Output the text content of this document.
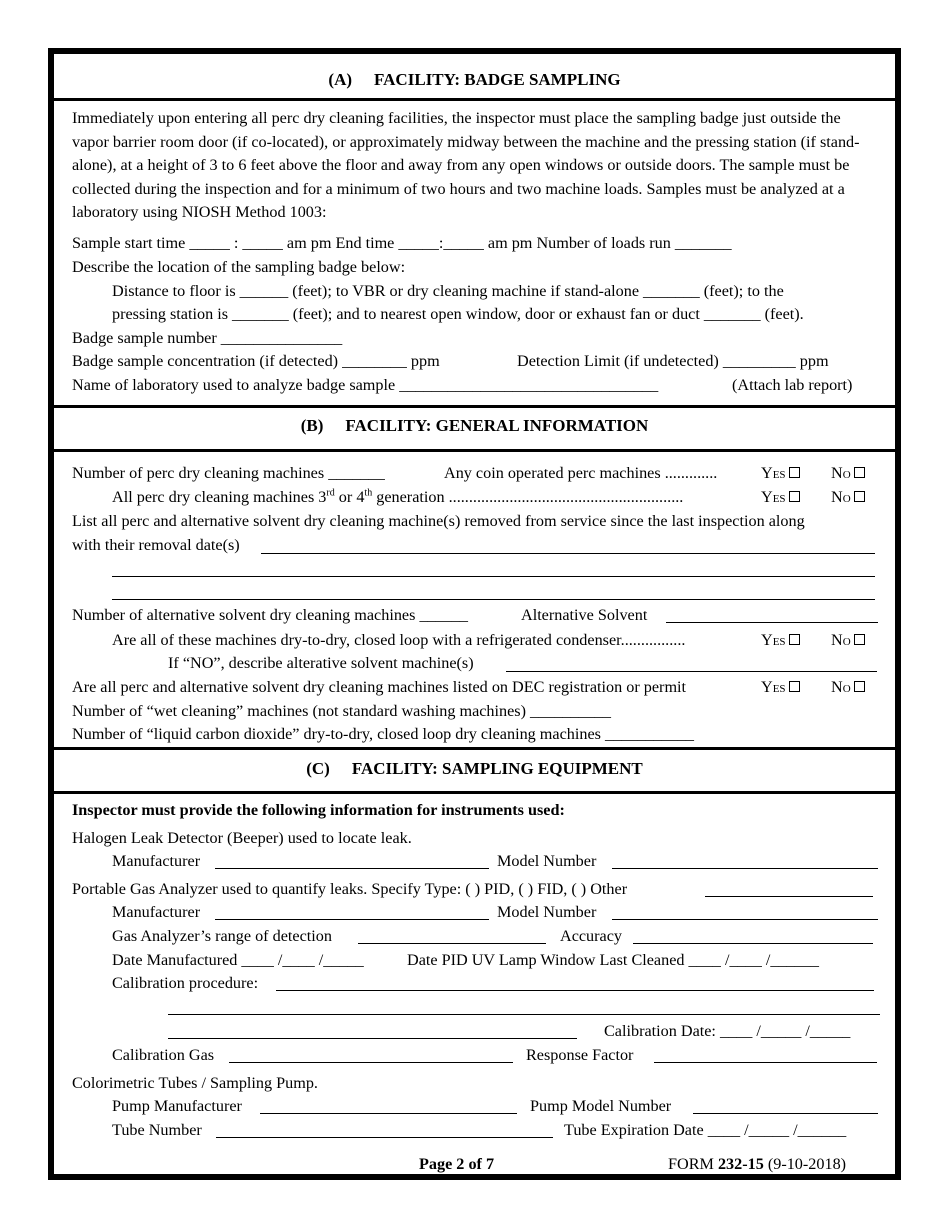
(A) FACILITY: BADGE SAMPLING
Immediately upon entering all perc dry cleaning facilities, the inspector must place the sampling badge just outside the vapor barrier room door (if co-located), or approximately midway between the machine and the pressing station (if stand-alone), at a height of 3 to 6 feet above the floor and away from any open windows or outside doors. The sample must be collected during the inspection and for a minimum of two hours and two machine loads. Samples must be analyzed at a laboratory using NIOSH Method 1003:
Sample start time _____ : _____ am pm End time _____:_____ am pm Number of loads run _______
Describe the location of the sampling badge below:
Distance to floor is ______ (feet); to VBR or dry cleaning machine if stand-alone _______ (feet); to the
pressing station is _______ (feet); and to nearest open window, door or exhaust fan or duct _______ (feet).
Badge sample number _______________
Badge sample concentration (if detected) ________ ppm	Detection Limit (if undetected) _________ ppm
Name of laboratory used to analyze badge sample ________________________________	(Attach lab report)
(B) FACILITY: GENERAL INFORMATION
Number of perc dry cleaning machines _______	Any coin operated perc machines .............	Yes	No
All perc dry cleaning machines 3rd or 4th generation ..........................................................	Yes	No
List all perc and alternative solvent dry cleaning machine(s) removed from service since the last inspection along
with their removal date(s)
Number of alternative solvent dry cleaning machines ______	Alternative Solvent
Are all of these machines dry-to-dry, closed loop with a refrigerated condenser................	Yes	No
If “NO”, describe alterative solvent machine(s)
Are all perc and alternative solvent dry cleaning machines listed on DEC registration or permit	Yes	No
Number of “wet cleaning” machines (not standard washing machines) __________
Number of “liquid carbon dioxide” dry-to-dry, closed loop dry cleaning machines ___________
(C) FACILITY: SAMPLING EQUIPMENT
Inspector must provide the following information for instruments used:
Halogen Leak Detector (Beeper) used to locate leak.
Manufacturer	Model Number
Portable Gas Analyzer used to quantify leaks. Specify Type: ( ) PID, ( ) FID, ( ) Other
Manufacturer	Model Number
Gas Analyzer’s range of detection	Accuracy
Date Manufactured ____ /____ /_____	Date PID UV Lamp Window Last Cleaned ____ /____ /______
Calibration procedure:
Calibration Date: ____ /_____ /_____
Calibration Gas	Response Factor
Colorimetric Tubes / Sampling Pump.
Pump Manufacturer	Pump Model Number
Tube Number	Tube Expiration Date ____ /_____ /______
Page 2 of 7	FORM 232-15 (9-10-2018)
